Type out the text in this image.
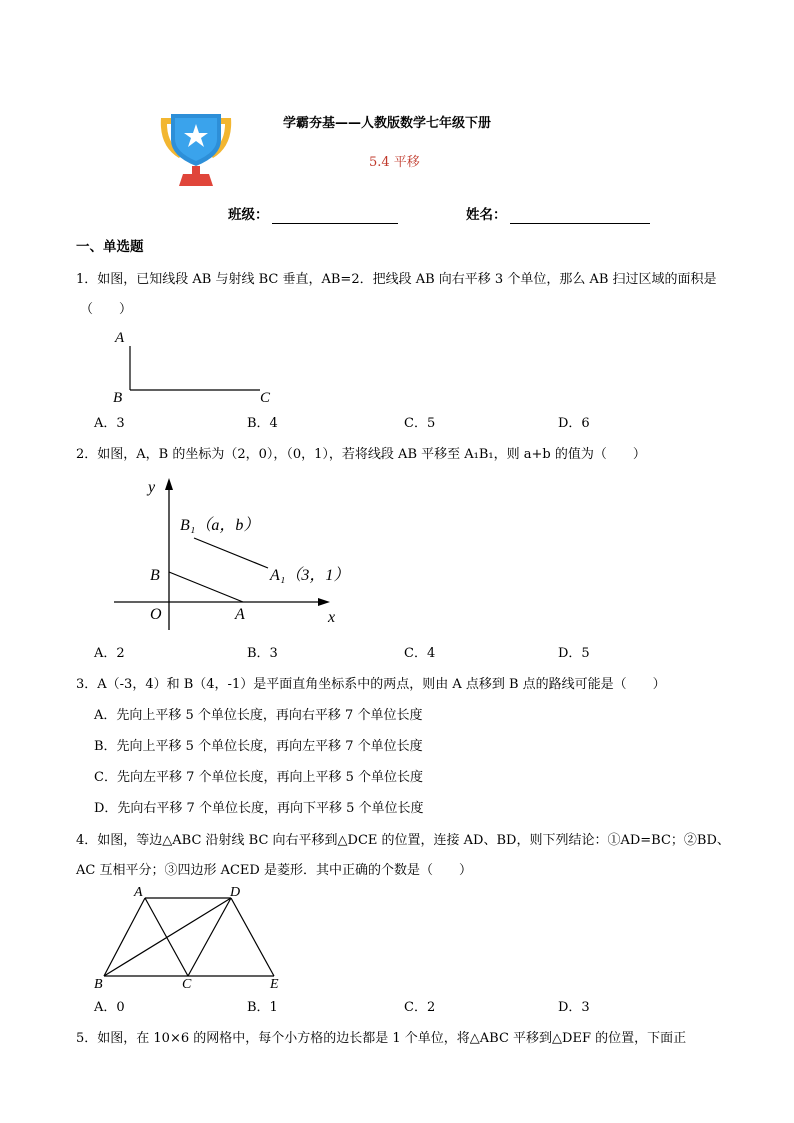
学霸夯基——人教版数学七年级下册
5.4 平移
班级：	姓名：
一、单选题
1．如图，已知线段 AB 与射线 BC 垂直，AB=2．把线段 AB 向右平移 3 个单位，那么 AB 扫过区域的面积是
（　　）
A
B	C
A．3	B．4	C．5	D．6
2．如图，A，B 的坐标为（2，0），（0，1），若将线段 AB 平移至 A₁B₁，则 a+b 的值为（　　）
y
x
O	A
B
B₁（a，b）
A₁（3，1）
A．2	B．3	C．4	D．5
3．A（-3，4）和 B（4，-1）是平面直角坐标系中的两点，则由 A 点移到 B 点的路线可能是（　　）
A．先向上平移 5 个单位长度，再向右平移 7 个单位长度
B．先向上平移 5 个单位长度，再向左平移 7 个单位长度
C．先向左平移 7 个单位长度，再向上平移 5 个单位长度
D．先向右平移 7 个单位长度，再向下平移 5 个单位长度
4．如图，等边△ABC 沿射线 BC 向右平移到△DCE 的位置，连接 AD、BD，则下列结论：①AD=BC；②BD、
AC 互相平分；③四边形 ACED 是菱形．其中正确的个数是（　　）
A	D
B	C	E
A．0	B．1	C．2	D．3
5．如图，在 10×6 的网格中，每个小方格的边长都是 1 个单位，将△ABC 平移到△DEF 的位置，下面正
